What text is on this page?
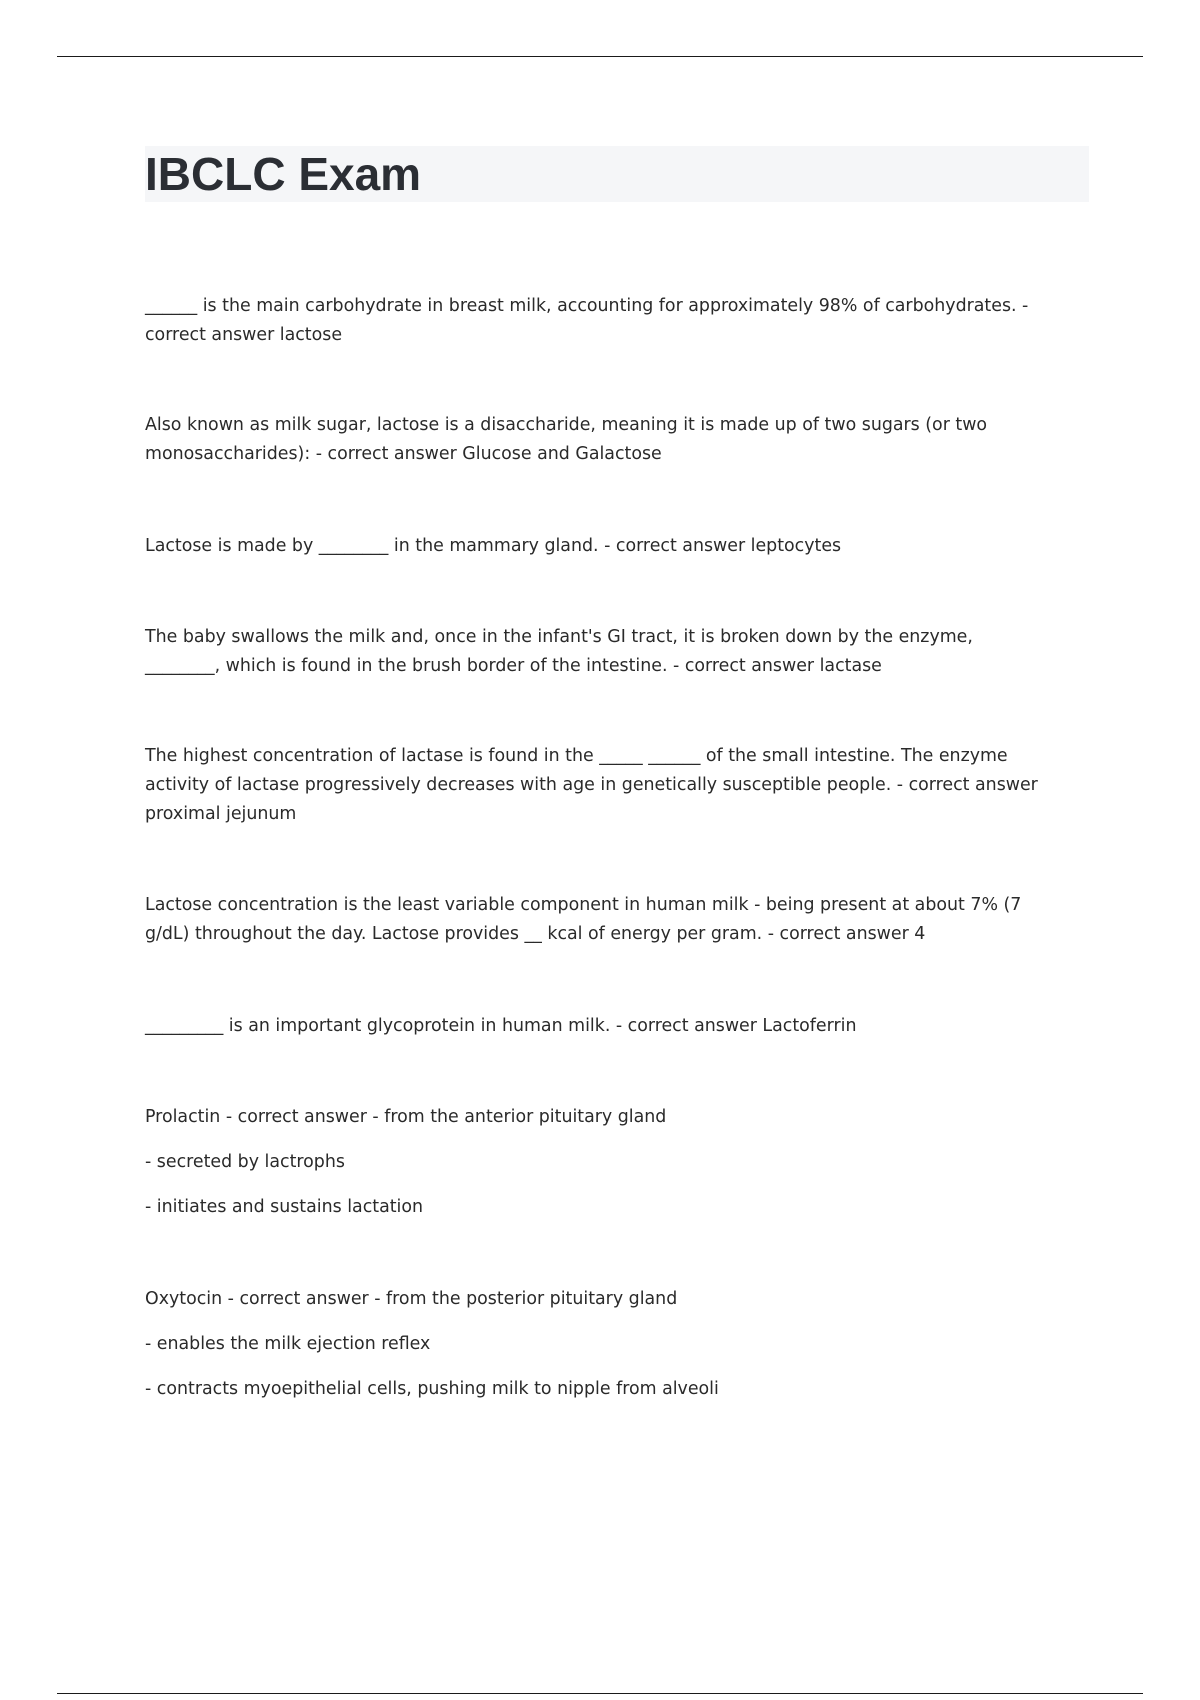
IBCLC Exam
______ is the main carbohydrate in breast milk, accounting for approximately 98% of carbohydrates. -
correct answer lactose
Also known as milk sugar, lactose is a disaccharide, meaning it is made up of two sugars (or two
monosaccharides): - correct answer Glucose and Galactose
Lactose is made by ________ in the mammary gland. - correct answer leptocytes
The baby swallows the milk and, once in the infant's GI tract, it is broken down by the enzyme,
________, which is found in the brush border of the intestine. - correct answer lactase
The highest concentration of lactase is found in the _____ ______ of the small intestine. The enzyme
activity of lactase progressively decreases with age in genetically susceptible people. - correct answer
proximal jejunum
Lactose concentration is the least variable component in human milk - being present at about 7% (7
g/dL) throughout the day. Lactose provides __ kcal of energy per gram. - correct answer 4
_________ is an important glycoprotein in human milk. - correct answer Lactoferrin
Prolactin - correct answer - from the anterior pituitary gland
- secreted by lactrophs
- initiates and sustains lactation
Oxytocin - correct answer - from the posterior pituitary gland
- enables the milk ejection reflex
- contracts myoepithelial cells, pushing milk to nipple from alveoli
